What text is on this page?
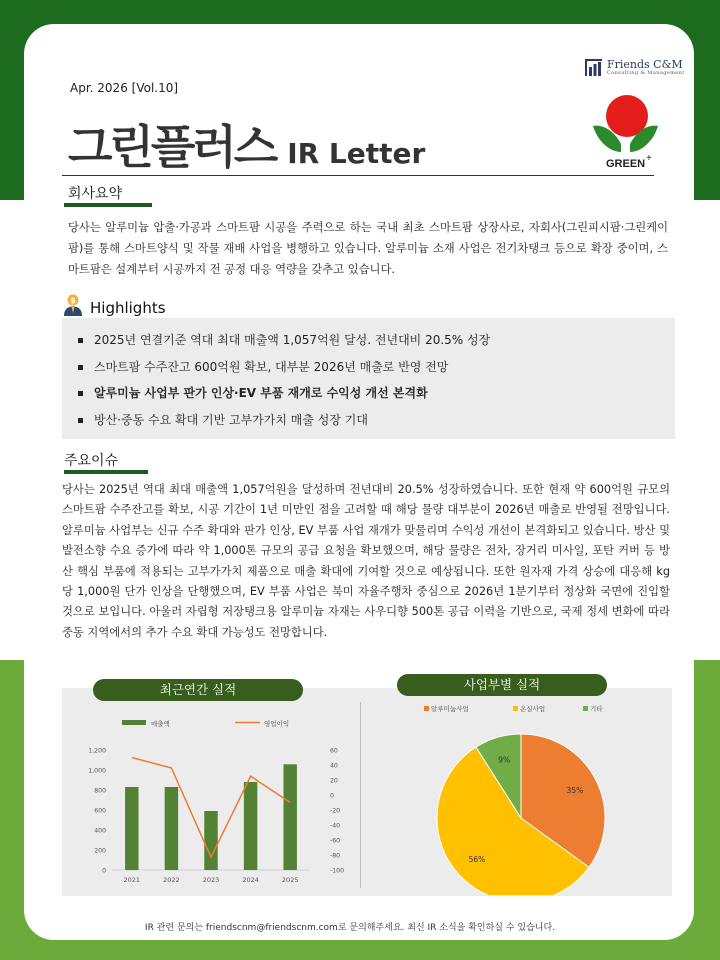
Apr. 2026 [Vol.10]
Friends C&M
Consulting & Management
그린플러스 IR Letter	GREEN +
회사요약
당사는 알루미늄 압출·가공과 스마트팜 시공을 주력으로 하는 국내 최초 스마트팜 상장사로, 자회사(그린피시팜·그린케이팜)를 통해 스마트양식 및 작물 재배 사업을 병행하고 있습니다. 알루미늄 소재 사업은 전기차탱크 등으로 확장 중이며, 스마트팜은 설계부터 시공까지 전 공정 대응 역량을 갖추고 있습니다.
$ Highlights
2025년 연결기준 역대 최대 매출액 1,057억원 달성. 전년대비 20.5% 성장
스마트팜 수주잔고 600억원 확보, 대부분 2026년 매출로 반영 전망
알루미늄 사업부 판가 인상·EV 부품 재개로 수익성 개선 본격화
방산·중동 수요 확대 기반 고부가가치 매출 성장 기대
주요이슈
당사는 2025년 역대 최대 매출액 1,057억원을 달성하며 전년대비 20.5% 성장하였습니다. 또한 현재 약 600억원 규모의 스마트팜 수주잔고를 확보, 시공 기간이 1년 미만인 점을 고려할 때 해당 물량 대부분이 2026년 매출로 반영될 전망입니다. 알루미늄 사업부는 신규 수주 확대와 판가 인상, EV 부품 사업 재개가 맞물리며 수익성 개선이 본격화되고 있습니다. 방산 및 발전소향 수요 증가에 따라 약 1,000톤 규모의 공급 요청을 확보했으며, 해당 물량은 전차, 장거리 미사일, 포탄 커버 등 방산 핵심 부품에 적용되는 고부가가치 제품으로 매출 확대에 기여할 것으로 예상됩니다. 또한 원자재 가격 상승에 대응해 kg당 1,000원 단가 인상을 단행했으며, EV 부품 사업은 북미 자율주행차 중심으로 2026년 1분기부터 정상화 국면에 진입할 것으로 보입니다. 아울러 자립형 저장탱크용 알루미늄 자재는 사우디향 500톤 공급 이력을 기반으로, 국제 정세 변화에 따라 중동 지역에서의 추가 수요 확대 가능성도 전망합니다.
최근연간 실적	사업부별 실적
매출액	영업이익
0
200
400
600
800
1,000
1,200
-100
-80
-60
-40
-20
0
20
40
60
2021	2022	2023	2024	2025
알루미늄사업	온실사업	기타
35%
56%
9%
IR 관련 문의는 friendscnm@friendscnm.com로 문의해주세요. 최신 IR 소식을 확인하실 수 있습니다.
